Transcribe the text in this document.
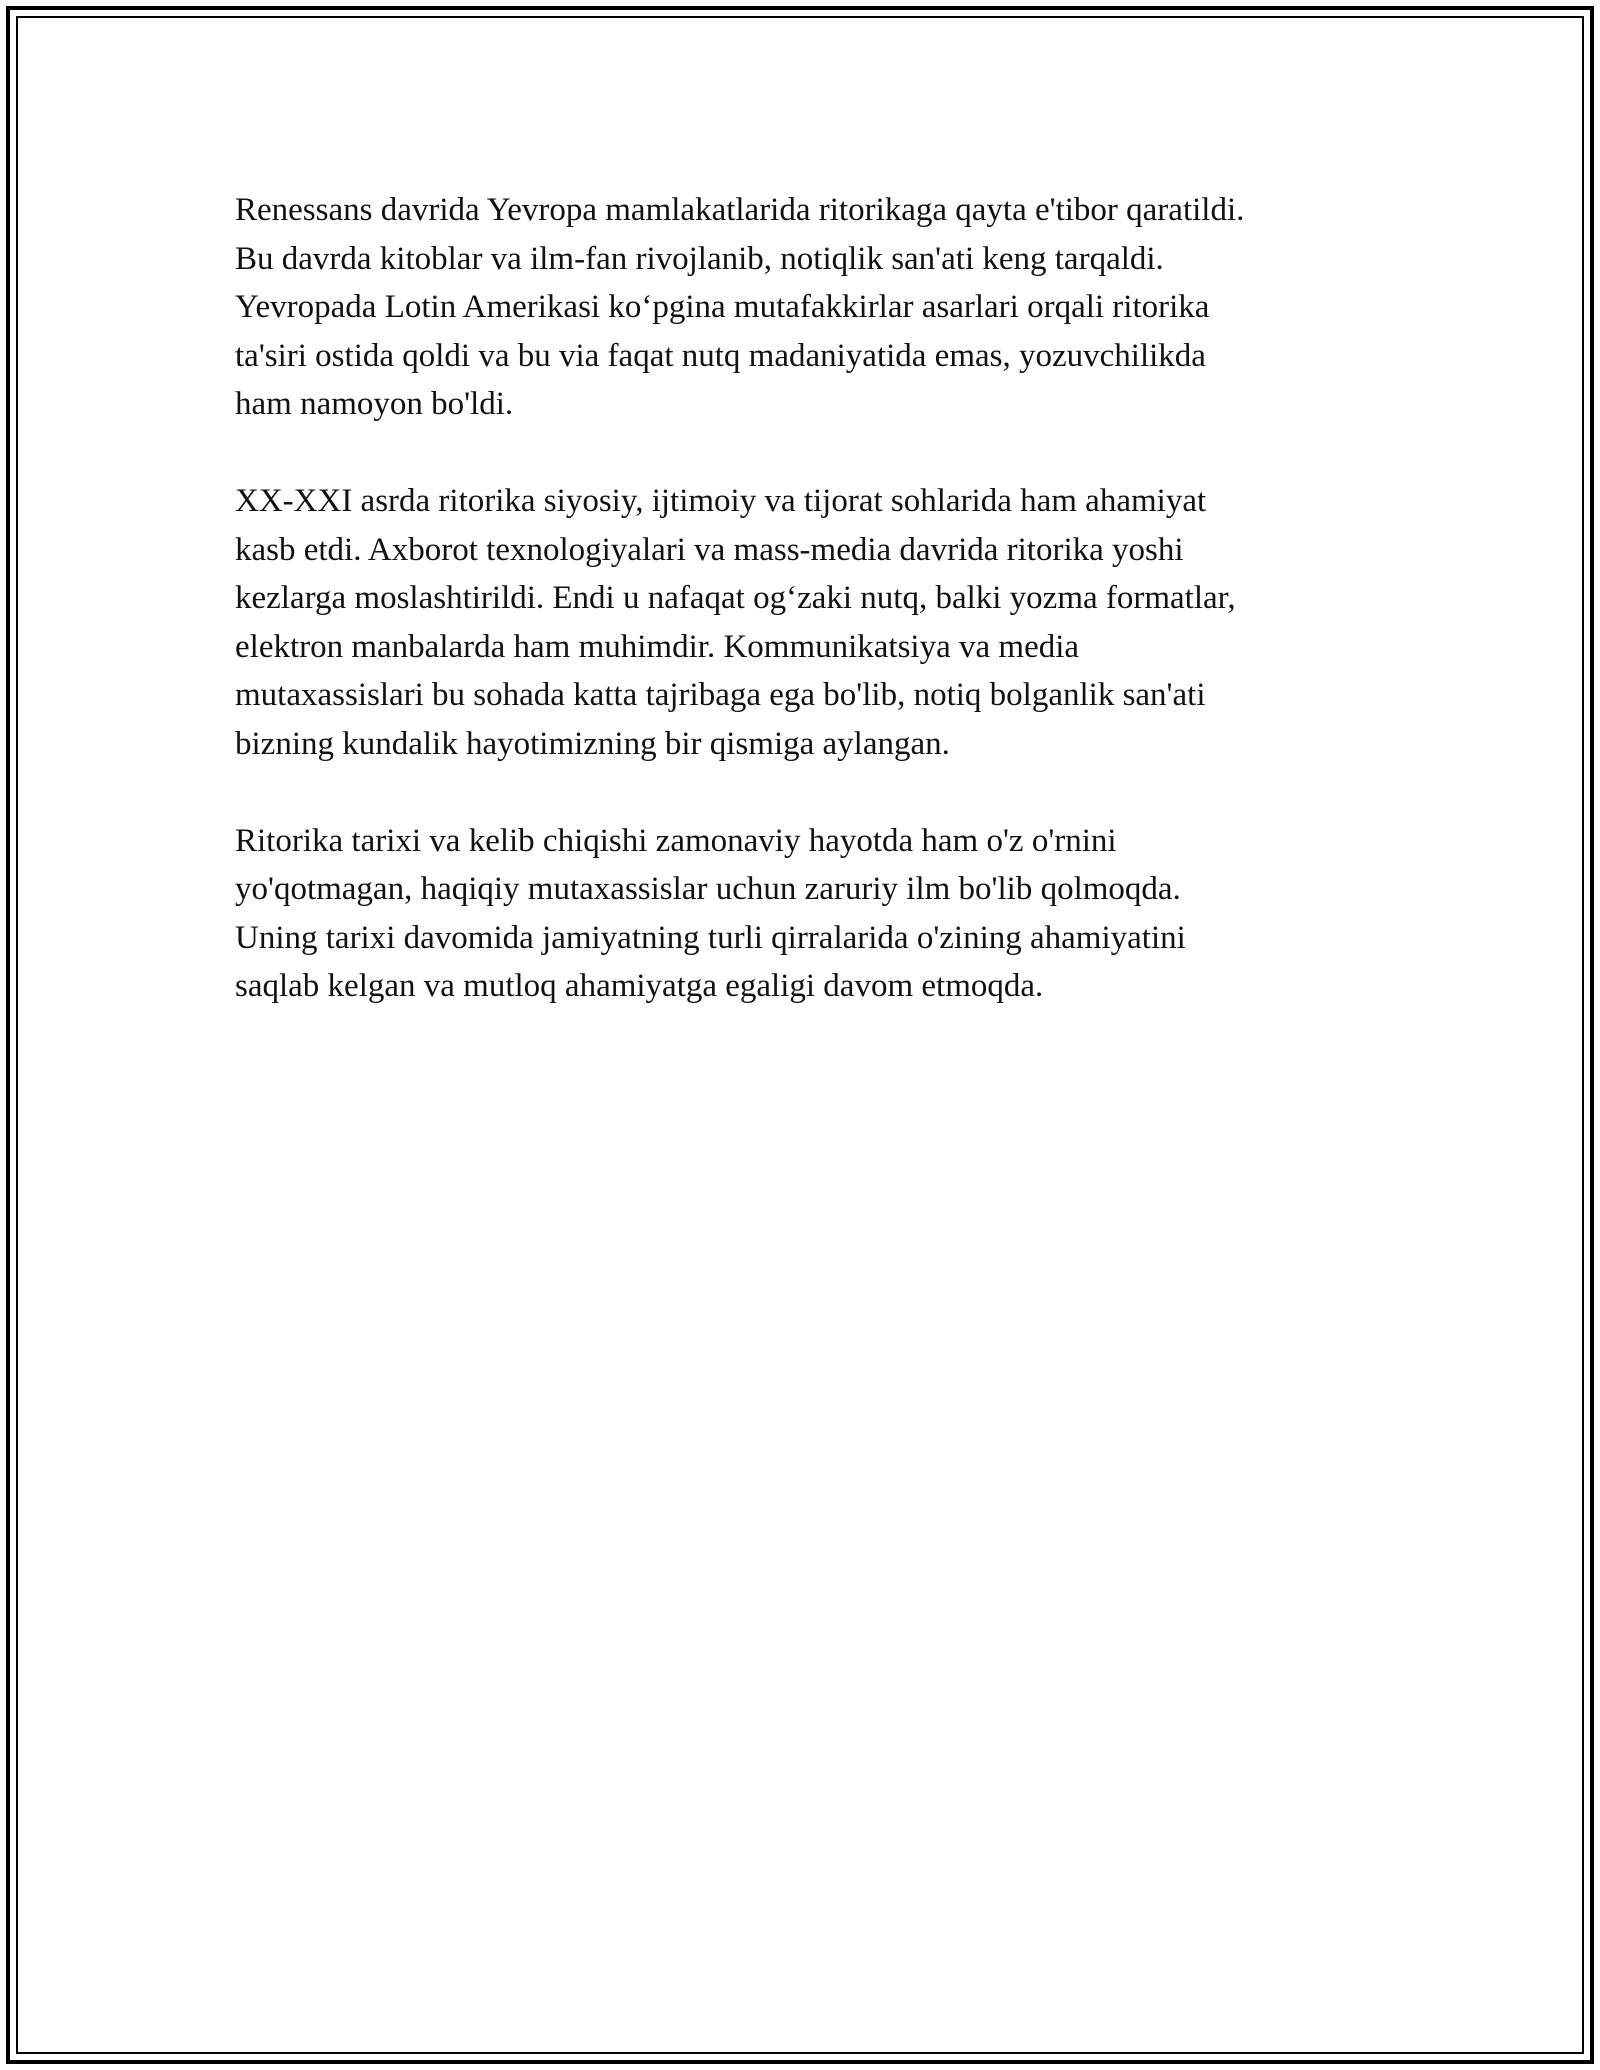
Renessans davrida Yevropa mamlakatlarida ritorikaga qayta e'tibor qaratildi.
Bu davrda kitoblar va ilm-fan rivojlanib, notiqlik san'ati keng tarqaldi.
Yevropada Lotin Amerikasi ko‘pgina mutafakkirlar asarlari orqali ritorika
ta'siri ostida qoldi va bu via faqat nutq madaniyatida emas, yozuvchilikda
ham namoyon bo'ldi.

XX-XXI asrda ritorika siyosiy, ijtimoiy va tijorat sohlarida ham ahamiyat
kasb etdi. Axborot texnologiyalari va mass-media davrida ritorika yoshi
kezlarga moslashtirildi. Endi u nafaqat og‘zaki nutq, balki yozma formatlar,
elektron manbalarda ham muhimdir. Kommunikatsiya va media
mutaxassislari bu sohada katta tajribaga ega bo'lib, notiq bolganlik san'ati
bizning kundalik hayotimizning bir qismiga aylangan.

Ritorika tarixi va kelib chiqishi zamonaviy hayotda ham o'z o'rnini
yo'qotmagan, haqiqiy mutaxassislar uchun zaruriy ilm bo'lib qolmoqda.
Uning tarixi davomida jamiyatning turli qirralarida o'zining ahamiyatini
saqlab kelgan va mutloq ahamiyatga egaligi davom etmoqda.
